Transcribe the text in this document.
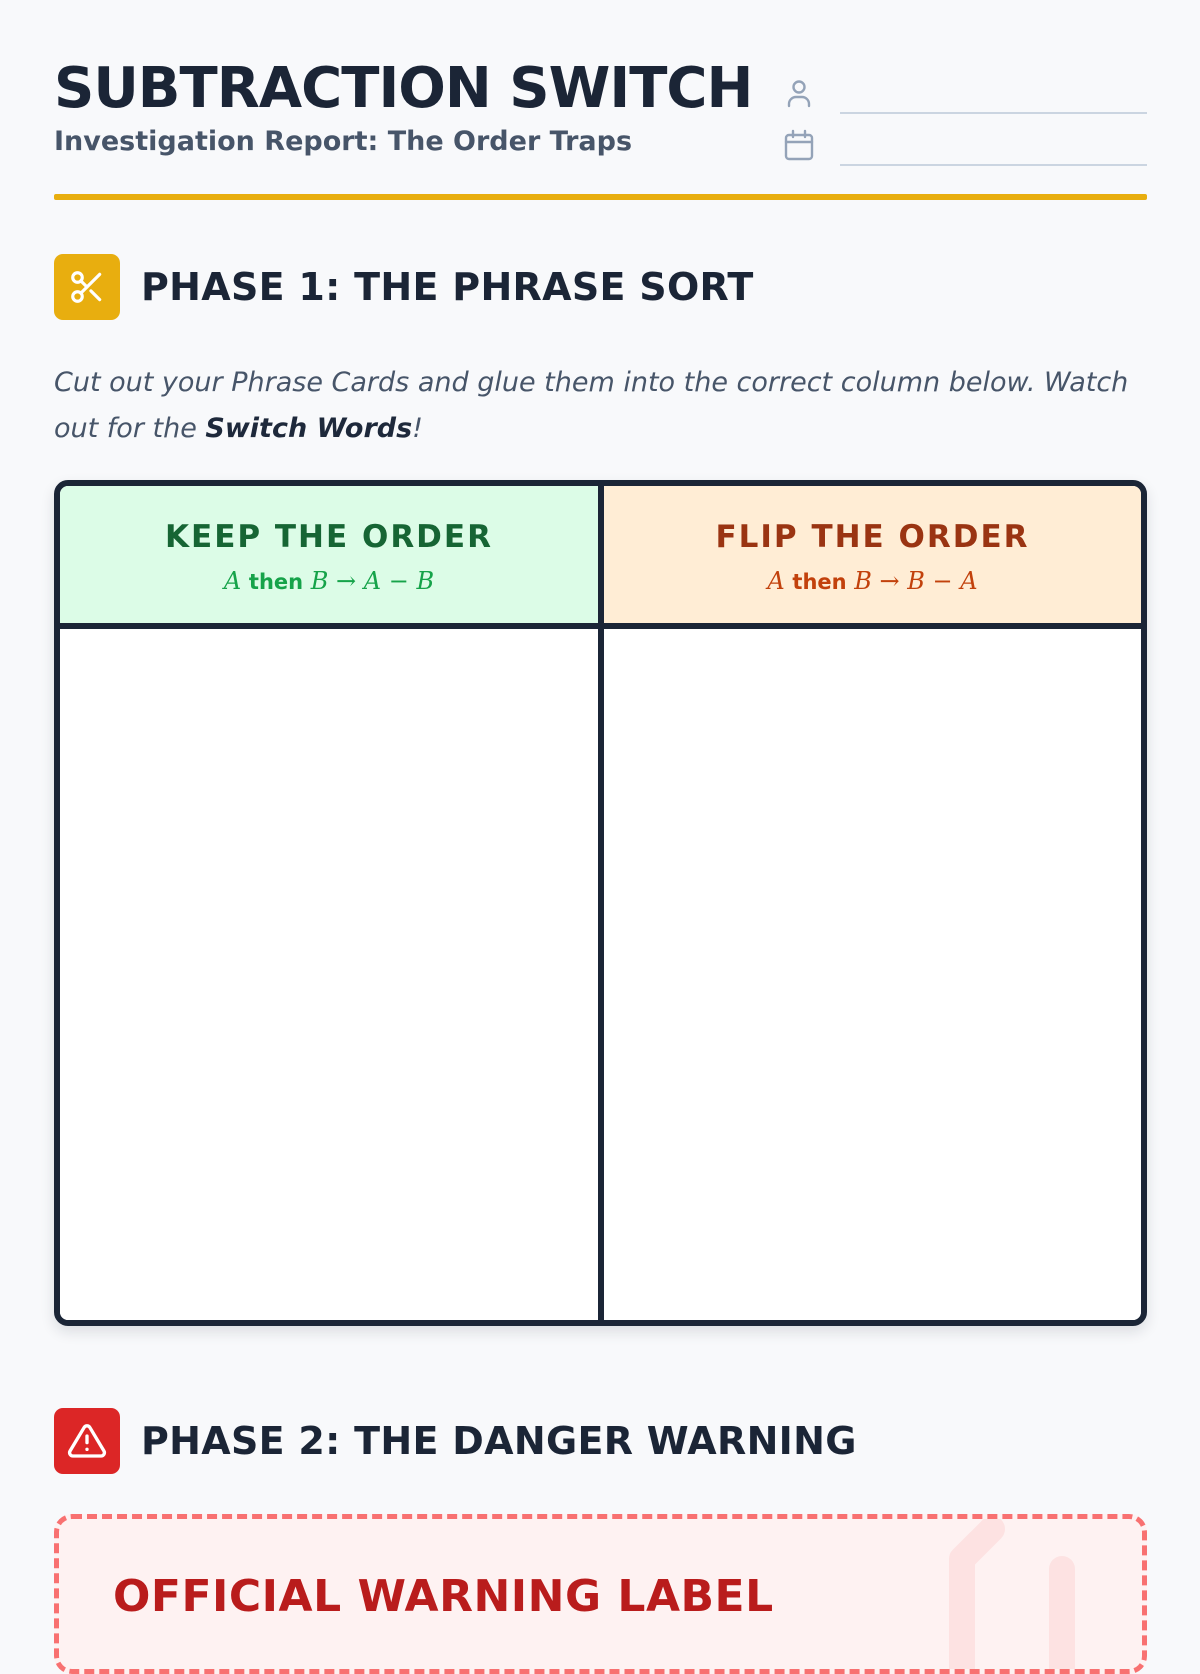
SUBTRACTION SWITCH
Investigation Report: The Order Traps
PHASE 1: THE PHRASE SORT
Cut out your Phrase Cards and glue them into the correct column below. Watch out for the Switch Words!
KEEP THE ORDER
A then B → A − B
FLIP THE ORDER
A then B → B − A
PHASE 2: THE DANGER WARNING
OFFICIAL WARNING LABEL
